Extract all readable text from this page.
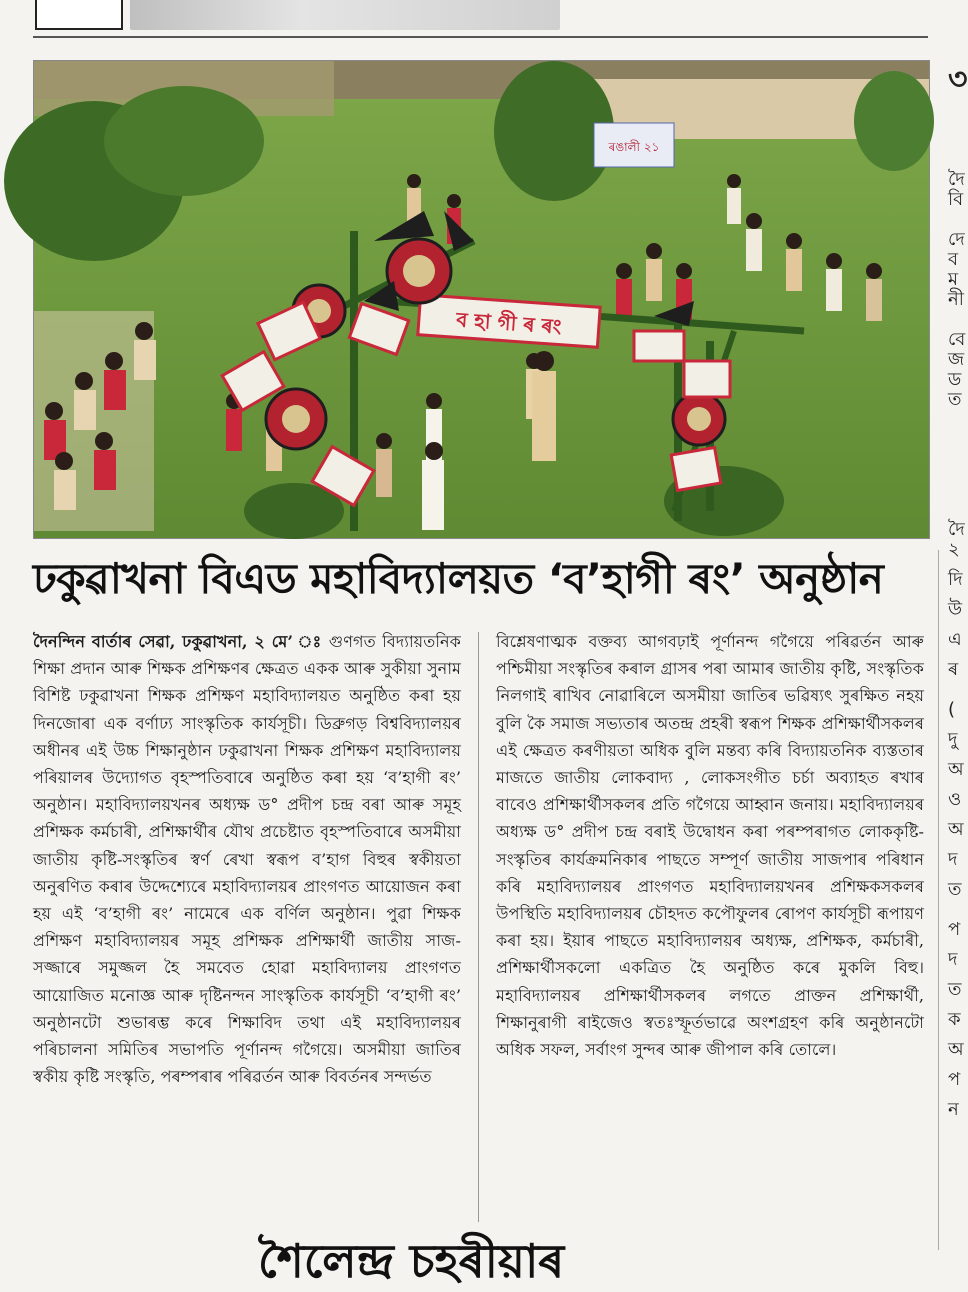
ৰঙালী ২১
ব হা গী ৰ ৰং
ঢকুৱাখনা বিএড মহাবিদ্যালয়ত ‘ব’হাগী ৰং’ অনুষ্ঠান

দৈনন্দিন বাৰ্তাৰ সেৱা, ঢকুৱাখনা, ২ মে’ ঃ গুণগত বিদ্যায়তনিক শিক্ষা প্ৰদান আৰু শিক্ষক প্ৰশিক্ষণৰ ক্ষেত্ৰত একক আৰু সুকীয়া সুনাম বিশিষ্ট ঢকুৱাখনা শিক্ষক প্ৰশিক্ষণ মহাবিদ্যালয়ত অনুষ্ঠিত কৰা হয় দিনজোৰা এক বৰ্ণাঢ্য সাংস্কৃতিক কাৰ্যসূচী। ডিব্ৰুগড় বিশ্ববিদ্যালয়ৰ অধীনৰ এই উচ্চ শিক্ষানুষ্ঠান ঢকুৱাখনা শিক্ষক প্ৰশিক্ষণ মহাবিদ্যালয় পৰিয়ালৰ উদ্যোগত বৃহস্পতিবাৰে অনুষ্ঠিত কৰা হয় ‘ব’হাগী ৰং’ অনুষ্ঠান। মহাবিদ্যালয়খনৰ অধ্যক্ষ ড° প্ৰদীপ চন্দ্ৰ বৰা আৰু সমূহ প্ৰশিক্ষক কৰ্মচাৰী, প্ৰশিক্ষাৰ্থীৰ যৌথ প্ৰচেষ্টাত বৃহস্পতিবাৰে অসমীয়া জাতীয় কৃষ্টি-সংস্কৃতিৰ স্বৰ্ণ ৰেখা স্বৰূপ ব’হাগ বিহুৰ স্বকীয়তা অনুৰণিত কৰাৰ উদ্দেশ্যেৰে মহাবিদ্যালয়ৰ প্ৰাংগণত আয়োজন কৰা হয় এই ‘ব’হাগী ৰং’ নামেৰে এক বৰ্ণিল অনুষ্ঠান। পুৱা শিক্ষক প্ৰশিক্ষণ মহাবিদ্যালয়ৰ সমূহ প্ৰশিক্ষক প্ৰশিক্ষাৰ্থী জাতীয় সাজ-সজ্জাৰে সমুজ্জল হৈ সমবেত হোৱা মহাবিদ্যালয় প্ৰাংগণত আয়োজিত মনোজ্ঞ আৰু দৃষ্টিনন্দন সাংস্কৃতিক কাৰ্যসূচী ‘ব’হাগী ৰং’ অনুষ্ঠানটো শুভাৰম্ভ কৰে শিক্ষাবিদ তথা এই মহাবিদ্যালয়ৰ পৰিচালনা সমিতিৰ সভাপতি পূৰ্ণানন্দ গগৈয়ে। অসমীয়া জাতিৰ স্বকীয় কৃষ্টি সংস্কৃতি, পৰম্পৰাৰ পৰিৱৰ্তন আৰু বিবৰ্তনৰ সন্দৰ্ভত

বিশ্লেষণাত্মক বক্তব্য আগবঢ়াই পূৰ্ণানন্দ গগৈয়ে পৰিৱৰ্তন আৰু পশ্চিমীয়া সংস্কৃতিৰ কৰাল গ্ৰাসৰ পৰা আমাৰ জাতীয় কৃষ্টি, সংস্কৃতিক নিলগাই ৰাখিব নোৱাৰিলে অসমীয়া জাতিৰ ভৱিষ্যৎ সুৰক্ষিত নহয় বুলি কৈ সমাজ সভ্যতাৰ অতন্দ্ৰ প্ৰহৰী স্বৰূপ শিক্ষক প্ৰশিক্ষাৰ্থীসকলৰ এই ক্ষেত্ৰত কৰণীয়তা অধিক বুলি মন্তব্য কৰি বিদ্যায়তনিক ব্যস্ততাৰ মাজতে জাতীয় লোকবাদ্য , লোকসংগীত চৰ্চা অব্যাহত ৰখাৰ বাবেও প্ৰশিক্ষাৰ্থীসকলৰ প্ৰতি গগৈয়ে আহ্বান জনায়। মহাবিদ্যালয়ৰ অধ্যক্ষ ড° প্ৰদীপ চন্দ্ৰ বৰাই উদ্বোধন কৰা পৰম্পৰাগত লোককৃষ্টি-সংস্কৃতিৰ কাৰ্যক্ৰমনিকাৰ পাছতে সম্পূৰ্ণ জাতীয় সাজপাৰ পৰিধান কৰি মহাবিদ্যালয়ৰ প্ৰাংগণত মহাবিদ্যালয়খনৰ প্ৰশিক্ষকসকলৰ উপস্থিতি মহাবিদ্যালয়ৰ চৌহদত কপৌফুলৰ ৰোপণ কাৰ্যসূচী ৰূপায়ণ কৰা হয়। ইয়াৰ পাছতে মহাবিদ্যালয়ৰ অধ্যক্ষ, প্ৰশিক্ষক, কৰ্মচাৰী, প্ৰশিক্ষাৰ্থীসকলো একত্ৰিত হৈ অনুষ্ঠিত কৰে মুকলি বিহু। মহাবিদ্যালয়ৰ প্ৰশিক্ষাৰ্থীসকলৰ লগতে প্ৰাক্তন প্ৰশিক্ষাৰ্থী, শিক্ষানুৰাগী ৰাইজেও স্বতঃস্ফূৰ্তভাৱে অংশগ্ৰহণ কৰি অনুষ্ঠানটো অধিক সফল, সৰ্বাংগ সুন্দৰ আৰু জীপাল কৰি তোলে।

শৈলেন্দ্ৰ চহৰীয়াৰ
৩
দৈ
বি
দে
ব
ম
নী
বে
জ
ড
ত
দৈ
২
দি
উ
এ
ৰ
(
দু
অ
ও
অ
দ
ত
প
দ
ত
ক
অ
প
ন
